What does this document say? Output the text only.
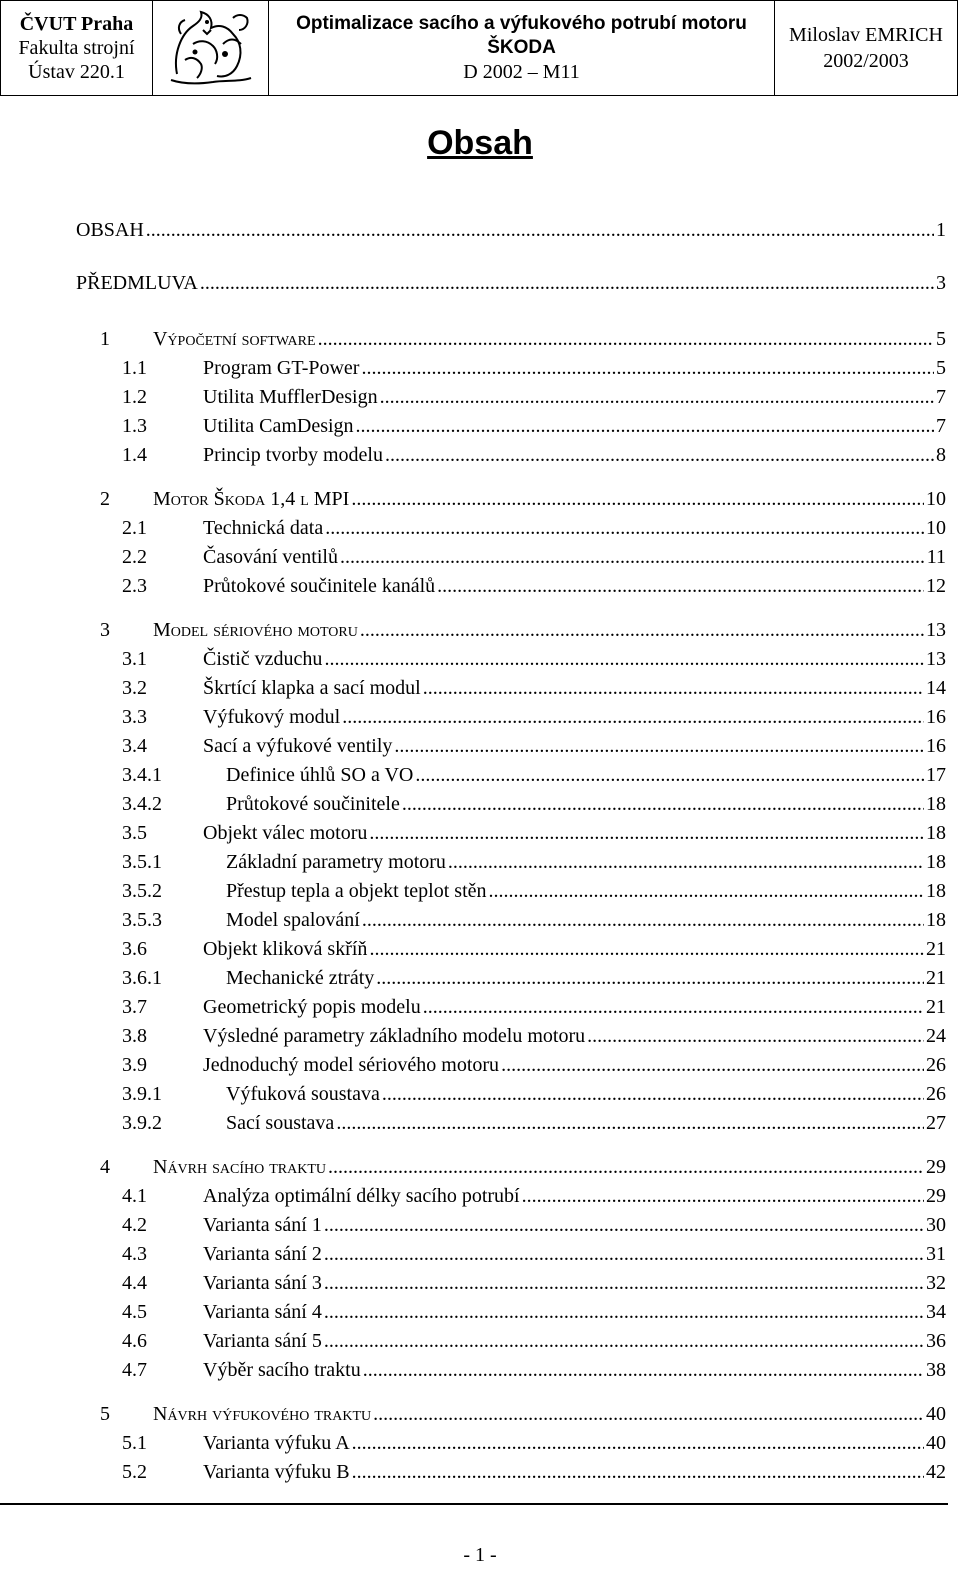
ČVUT Praha
Fakulta strojní
Ústav 220.1
Optimalizace sacího a výfukového potrubí motoru
ŠKODA
D 2002 – M11
Miloslav EMRICH
2002/2003
Obsah
OBSAH .....	1
PŘEDMLUVA .....	3
1	Výpočetní software .....	5
1.1	Program GT-Power .....	5
1.2	Utilita MufflerDesign .....	7
1.3	Utilita CamDesign .....	7
1.4	Princip tvorby modelu .....	8
2	Motor Škoda 1,4 l MPI .....	10
2.1	Technická data .....	10
2.2	Časování ventilů .....	11
2.3	Průtokové součinitele kanálů .....	12
3	Model sériového motoru .....	13
3.1	Čistič vzduchu .....	13
3.2	Škrtící klapka a sací modul .....	14
3.3	Výfukový modul .....	16
3.4	Sací a výfukové ventily .....	16
3.4.1	Definice úhlů SO a VO .....	17
3.4.2	Průtokové součinitele .....	18
3.5	Objekt válec motoru .....	18
3.5.1	Základní parametry motoru .....	18
3.5.2	Přestup tepla a objekt teplot stěn .....	18
3.5.3	Model spalování .....	18
3.6	Objekt kliková skříň .....	21
3.6.1	Mechanické ztráty .....	21
3.7	Geometrický popis modelu .....	21
3.8	Výsledné parametry základního modelu motoru .....	24
3.9	Jednoduchý model sériového motoru .....	26
3.9.1	Výfuková soustava .....	26
3.9.2	Sací soustava .....	27
4	Návrh sacího traktu .....	29
4.1	Analýza optimální délky sacího potrubí .....	29
4.2	Varianta sání 1 .....	30
4.3	Varianta sání 2 .....	31
4.4	Varianta sání 3 .....	32
4.5	Varianta sání 4 .....	34
4.6	Varianta sání 5 .....	36
4.7	Výběr sacího traktu .....	38
5	Návrh výfukového traktu .....	40
5.1	Varianta výfuku A .....	40
5.2	Varianta výfuku B .....	42
- 1 -
